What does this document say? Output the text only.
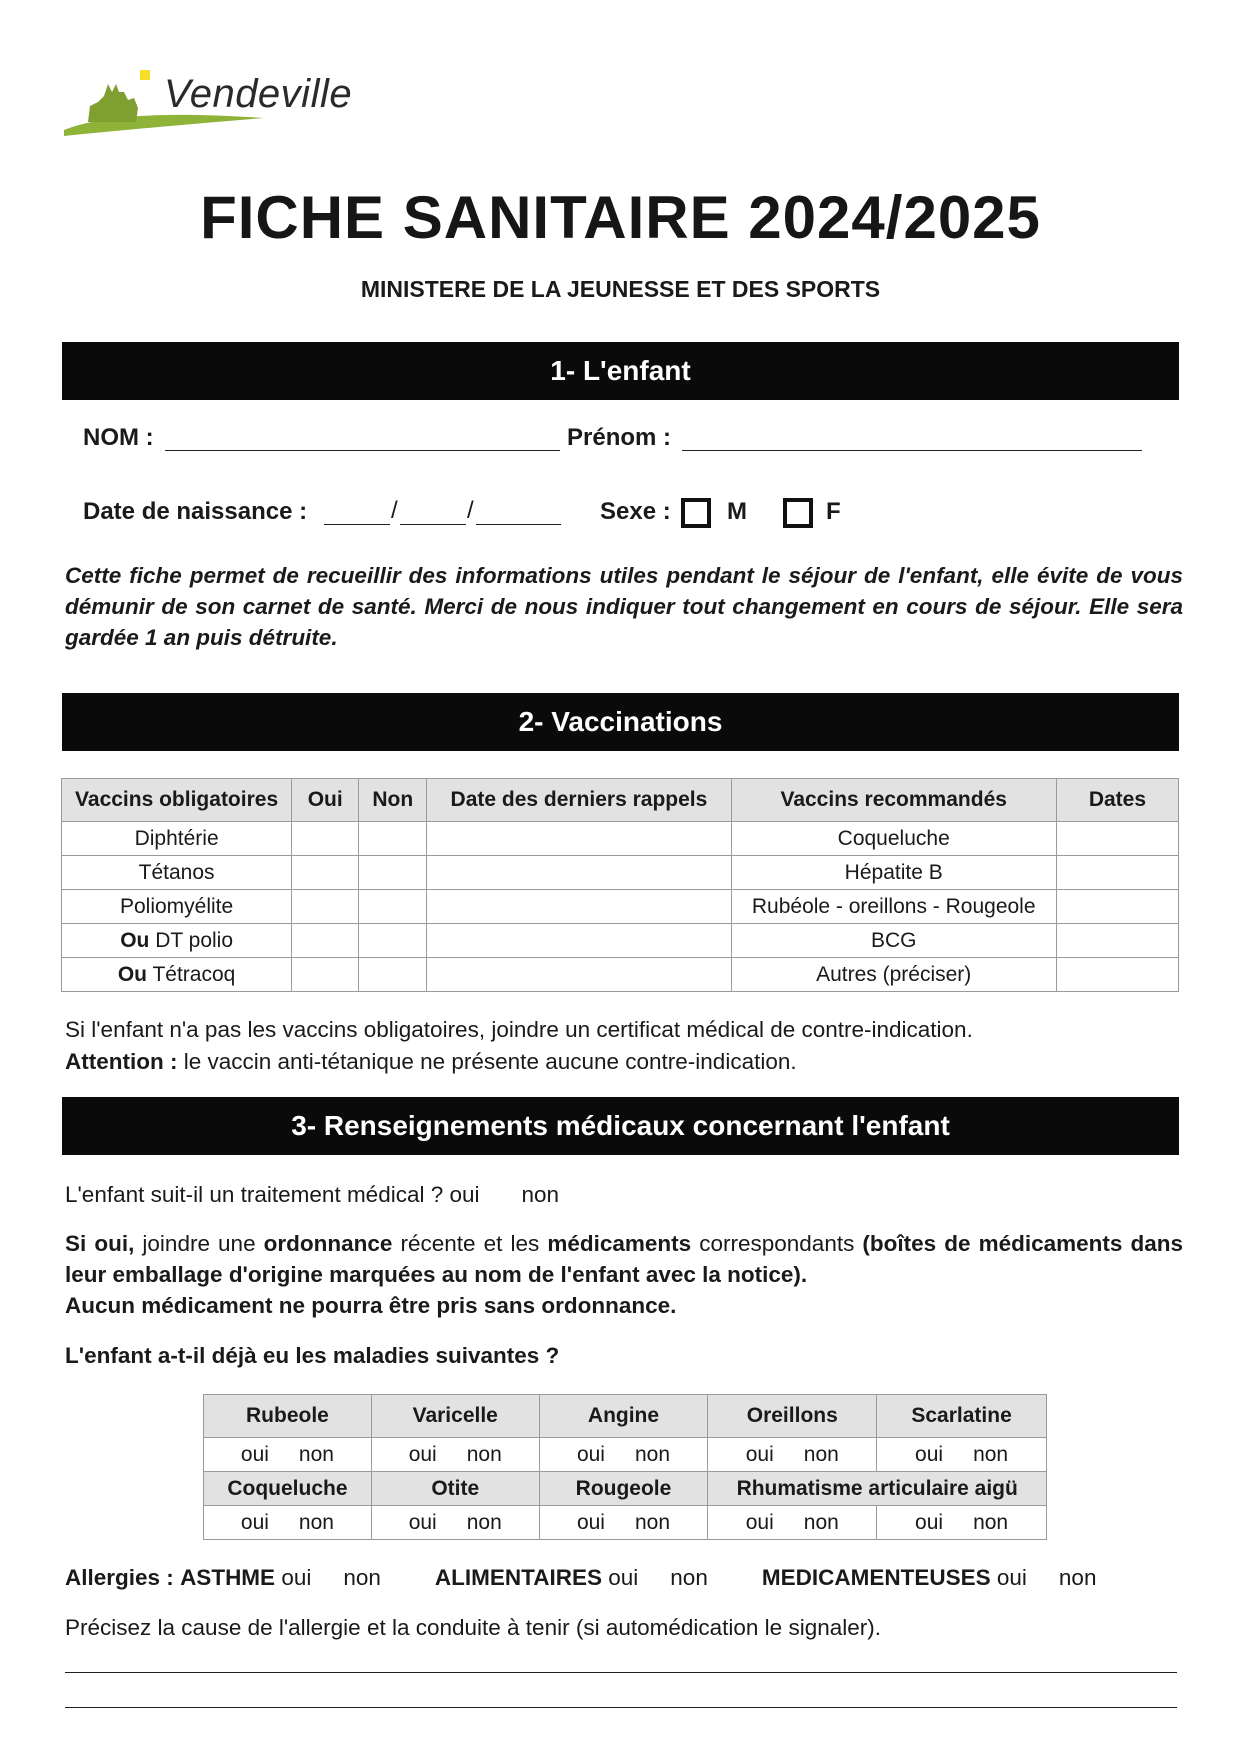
Vendeville
FICHE SANITAIRE 2024/2025
MINISTERE DE LA JEUNESSE ET DES SPORTS
1- L'enfant
NOM :	Prénom :
Date de naissance :	/	/	Sexe : M	F
Cette fiche permet de recueillir des informations utiles pendant le séjour de l'enfant, elle évite de vous démunir de son carnet de santé. Merci de nous indiquer tout changement en cours de séjour. Elle sera gardée 1 an puis détruite.
2- Vaccinations
Vaccins obligatoires	Oui	Non	Date des derniers rappels	Vaccins recommandés	Dates
Diphtérie				Coqueluche	
Tétanos				Hépatite B	
Poliomyélite				Rubéole - oreillons - Rougeole	
Ou DT polio				BCG	
Ou Tétracoq				Autres (préciser)	
Si l'enfant n'a pas les vaccins obligatoires, joindre un certificat médical de contre-indication.
Attention : le vaccin anti-tétanique ne présente aucune contre-indication.
3- Renseignements médicaux concernant l'enfant
L'enfant suit-il un traitement médical ? oui non
Si oui, joindre une ordonnance récente et les médicaments correspondants (boîtes de médicaments dans leur emballage d'origine marquées au nom de l'enfant avec la notice).
Aucun médicament ne pourra être pris sans ordonnance.
L'enfant a-t-il déjà eu les maladies suivantes ?
Rubeole	Varicelle	Angine	Oreillons	Scarlatine
oui non	oui non	oui non	oui non	oui non
Coqueluche	Otite	Rougeole	Rhumatisme articulaire aigü	
oui non	oui non	oui non	oui non	oui non
Allergies : ASTHME oui non ALIMENTAIRES oui non MEDICAMENTEUSES oui non
Précisez la cause de l'allergie et la conduite à tenir (si automédication le signaler).
